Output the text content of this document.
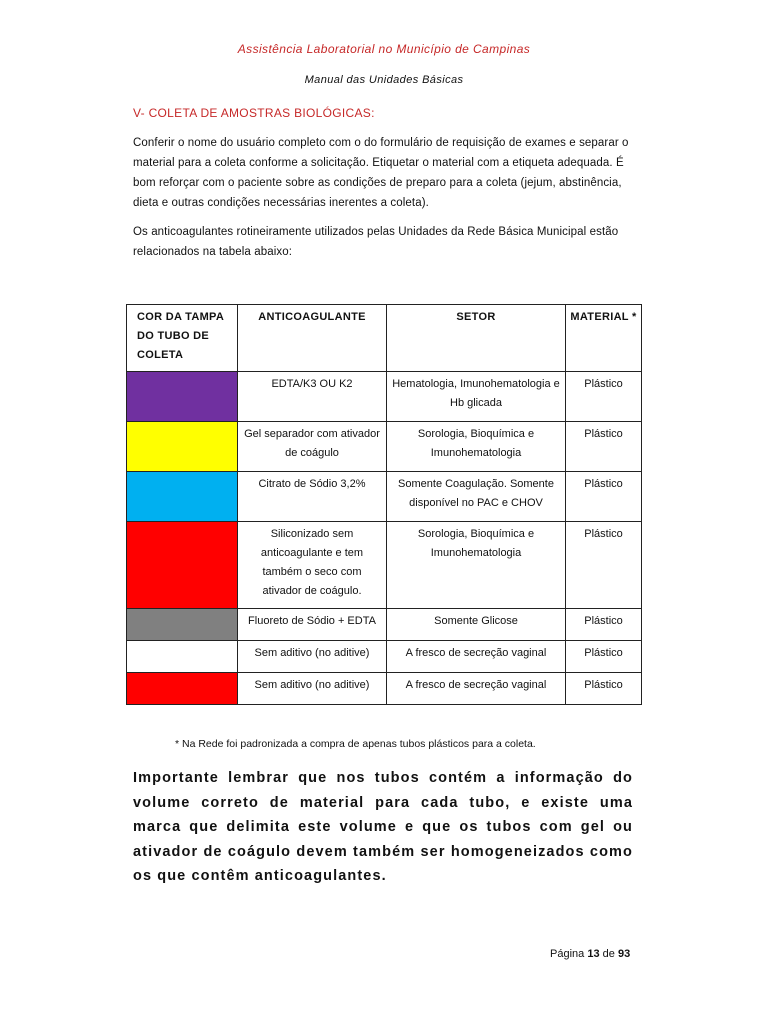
Assistência Laboratorial no Município de Campinas
Manual das Unidades Básicas
V- COLETA DE AMOSTRAS BIOLÓGICAS:
Conferir o nome do usuário completo com o do formulário de requisição de exames e separar o material para a coleta conforme a solicitação. Etiquetar o material com a etiqueta adequada. É bom reforçar com o paciente sobre as condições de preparo para a coleta (jejum, abstinência, dieta e outras condições necessárias inerentes a coleta).
Os anticoagulantes rotineiramente utilizados pelas Unidades da Rede Básica Municipal estão relacionados na tabela abaixo:
COR DA TAMPA DO TUBO DE COLETA	ANTICOAGULANTE	SETOR	MATERIAL *
	EDTA/K3 OU K2	Hematologia, Imunohematologia e Hb glicada	Plástico
	Gel separador com ativador de coágulo	Sorologia, Bioquímica e Imunohematologia	Plástico
	Citrato de Sódio 3,2%	Somente Coagulação. Somente disponível no PAC e CHOV	Plástico
	Siliconizado sem anticoagulante e tem também o seco com ativador de coágulo.	Sorologia, Bioquímica e Imunohematologia	Plástico
	Fluoreto de Sódio + EDTA	Somente Glicose	Plástico
	Sem aditivo (no aditive)	A fresco de secreção vaginal	Plástico
	Sem aditivo (no aditive)	A fresco de secreção vaginal	Plástico
* Na Rede foi padronizada a compra de apenas tubos plásticos para a coleta.
Importante lembrar que nos tubos contém a informação do volume correto de material para cada tubo, e existe uma marca que delimita este volume e que os tubos com gel ou ativador de coágulo devem também ser homogeneizados como os que contêm anticoagulantes.
Página 13 de 93
